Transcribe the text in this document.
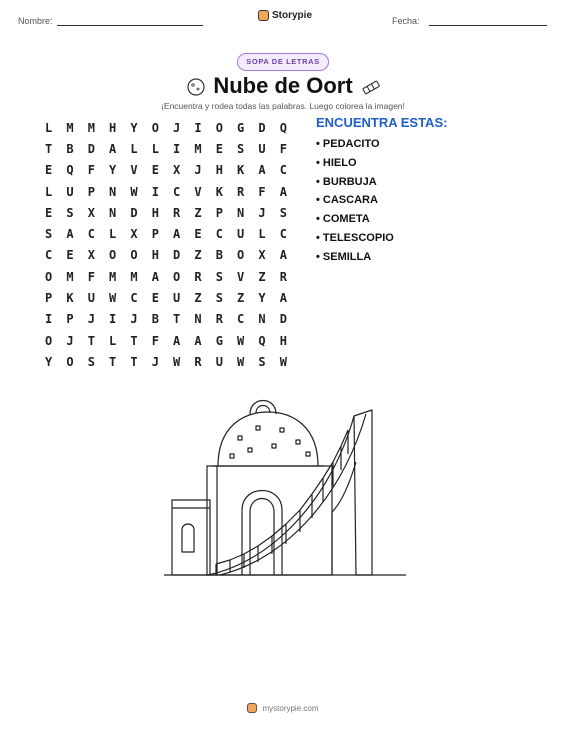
Nombre:	Storypie	Fecha:
SOPA DE LETRAS
Nube de Oort
¡Encuentra y rodea todas las palabras. Luego colorea la imagen!
L	M	M	H	Y	O	J	I	O	G	D	Q
T	B	D	A	L	L	I	M	E	S	U	F
E	Q	F	Y	V	E	X	J	H	K	A	C
L	U	P	N	W	I	C	V	K	R	F	A
E	S	X	N	D	H	R	Z	P	N	J	S
S	A	C	L	X	P	A	E	C	U	L	C
C	E	X	O	O	H	D	Z	B	O	X	A
O	M	F	M	M	A	O	R	S	V	Z	R
P	K	U	W	C	E	U	Z	S	Z	Y	A
I	P	J	I	J	B	T	N	R	C	N	D
O	J	T	L	T	F	A	A	G	W	Q	H
Y	O	S	T	T	J	W	R	U	W	S	W
ENCUENTRA ESTAS:
• PEDACITO
• HIELO
• BURBUJA
• CASCARA
• COMETA
• TELESCOPIO
• SEMILLA
mystorypie.com
